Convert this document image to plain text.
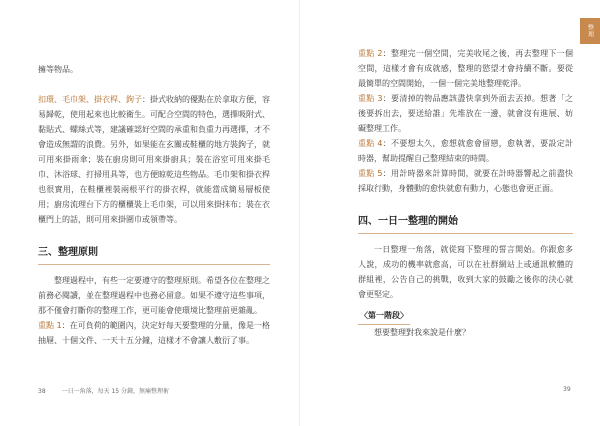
擁等物品。

扣環、毛巾架、掛衣桿、鉤子：掛式收納的優點在於拿取方便，容易歸乾，使用起來也比較衛生。可配合空間的特色，選擇吸附式、黏貼式、螺絲式等，建議確認好空間的承重和負重力再選擇，才不會造成無謂的浪費。另外，如果能在玄關或鞋櫃的地方裝鉤子，就可用來掛雨傘；裝在廚房則可用來掛廚具；裝在浴室可用來掛毛巾、沐浴球、打掃用具等，也方便晾乾這些物品。毛巾架和掛衣桿也很實用，在鞋櫃裡裝兩根平行的掛衣桿，就能當成簡易層板使用；廚房流理台下方的櫃櫃裝上毛巾架，可以用來掛抹布；裝在衣櫃門上的話，則可用來掛圍巾或領帶等。

三、整理原則

整理過程中，有些一定要遵守的整理原則。希望各位在整理之前務必閱讀，並在整理過程中也務必留意。如果不遵守這些事項，那不僅會打斷你的整理工作，更可能會使環境比整理前更雜亂。

重點 1：在可負荷的範圍內，決定好每天要整理的分量，像是一格抽屜、十個文件、一天十五分鐘，這樣才不會讓人敷衍了事。

38	一日一角落，每天 15 分鐘，無痛整理術
整理

重點 2：整理完一個空間，完美收尾之後，再去整理下一個空間，這樣才會有成就感，整理的慾望才會持續不斷。要從最簡單的空間開始，一個一個完美地整理乾淨。

重點 3：要清掉的物品應該盡快拿到外面去丟掉。想著「之後要拆出去，要送給誰」先堆放在一邊，就會沒有進展、妨礙整理工作。

重點 4：不要想太久，愈想就愈會留戀，愈執著，要設定計時器，幫助提醒自己整理結束的時間。

重點 5：用計時器來計算時間，就要在計時器響起之前盡快採取行動，身體動的愈快就愈有動力，心態也會更正面。

四、一日一整理的開始

一日整理一角落，就從寫下整理的誓言開始。你跟愈多人說，成功的機率就愈高，可以在社群網站上或通訊軟體的群組裡，公告自己的挑戰，收到大家的鼓勵之後你的決心就會更堅定。

〈第一階段〉

想要整理對我來說是什麼？

39
